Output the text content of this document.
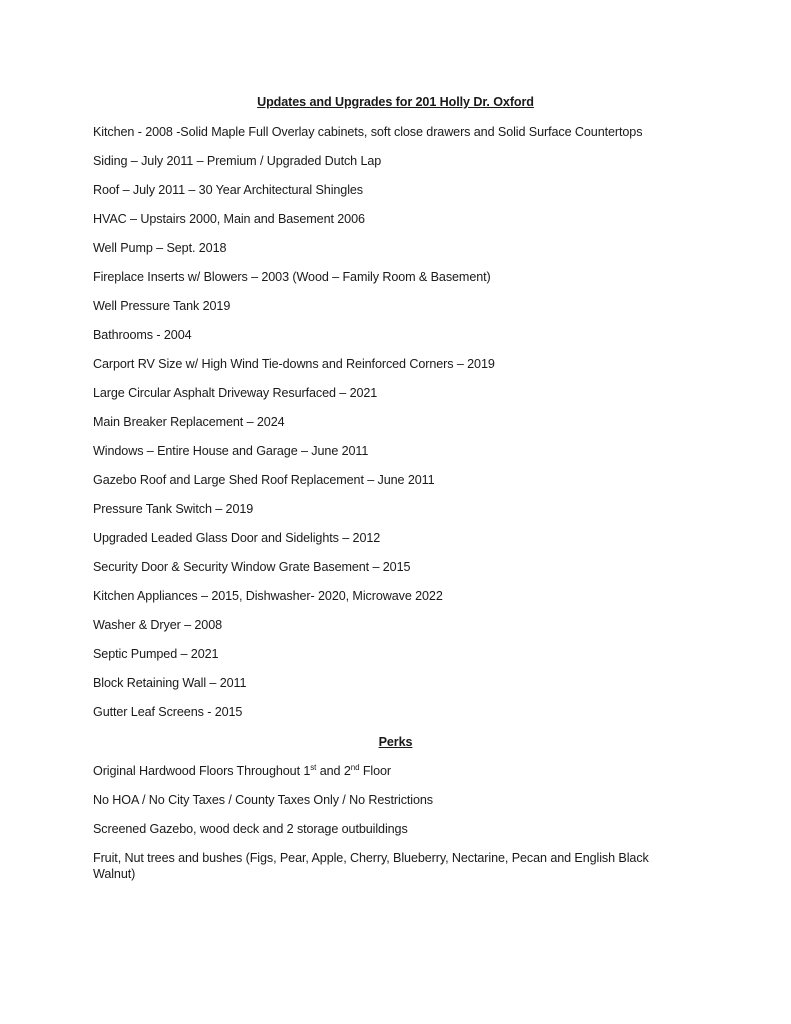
Updates and Upgrades for 201 Holly Dr. Oxford
Kitchen - 2008 -Solid Maple Full Overlay cabinets, soft close drawers and Solid Surface Countertops
Siding – July 2011 – Premium / Upgraded Dutch Lap
Roof – July 2011 – 30 Year Architectural Shingles
HVAC – Upstairs 2000, Main and Basement 2006
Well Pump – Sept. 2018
Fireplace Inserts w/ Blowers – 2003 (Wood – Family Room & Basement)
Well Pressure Tank 2019
Bathrooms - 2004
Carport RV Size w/ High Wind Tie-downs and Reinforced Corners – 2019
Large Circular Asphalt Driveway Resurfaced – 2021
Main Breaker Replacement – 2024
Windows – Entire House and Garage – June 2011
Gazebo Roof and Large Shed Roof Replacement – June 2011
Pressure Tank Switch – 2019
Upgraded Leaded Glass Door and Sidelights – 2012
Security Door & Security Window Grate Basement – 2015
Kitchen Appliances – 2015, Dishwasher- 2020, Microwave 2022
Washer & Dryer – 2008
Septic Pumped – 2021
Block Retaining Wall – 2011
Gutter Leaf Screens - 2015
Perks
Original Hardwood Floors Throughout 1st and 2nd Floor
No HOA / No City Taxes / County Taxes Only / No Restrictions
Screened Gazebo, wood deck and 2 storage outbuildings
Fruit, Nut trees and bushes (Figs, Pear, Apple, Cherry, Blueberry, Nectarine, Pecan and English Black Walnut)
